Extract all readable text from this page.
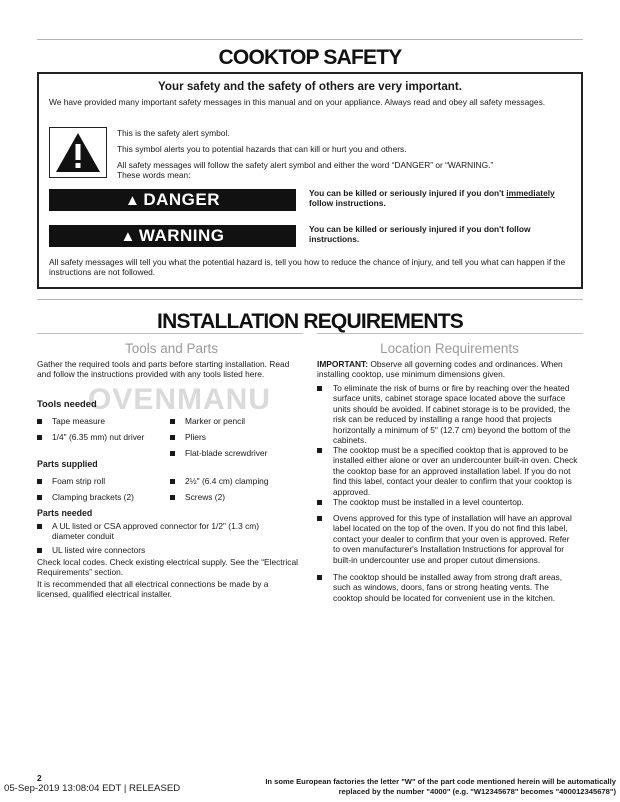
COOKTOP SAFETY
Your safety and the safety of others are very important.
We have provided many important safety messages in this manual and on your appliance. Always read and obey all safety messages.
This is the safety alert symbol.
This symbol alerts you to potential hazards that can kill or hurt you and others.
All safety messages will follow the safety alert symbol and either the word “DANGER” or “WARNING.”
These words mean:
▲ DANGER	You can be killed or seriously injured if you don't immediately
follow instructions.
▲ WARNING	You can be killed or seriously injured if you don't follow instructions.
All safety messages will tell you what the potential hazard is, tell you how to reduce the chance of injury, and tell you what can happen if the instructions are not followed.
INSTALLATION REQUIREMENTS
Tools and Parts
Gather the required tools and parts before starting installation. Read and follow the instructions provided with any tools listed here.
OVENMANU
Tools needed
Tape measure
1/4" (6.35 mm) nut driver
Marker or pencil
Pliers
Flat-blade screwdriver
Parts supplied
Foam strip roll
Clamping brackets (2)
2½" (6.4 cm) clamping
Screws (2)
Parts needed
A UL listed or CSA approved connector for 1/2" (1.3 cm) diameter conduit
UL listed wire connectors
Check local codes. Check existing electrical supply. See the “Electrical Requirements” section.
It is recommended that all electrical connections be made by a licensed, qualified electrical installer.
Location Requirements
IMPORTANT: Observe all governing codes and ordinances. When installing cooktop, use minimum dimensions given.
To eliminate the risk of burns or fire by reaching over the heated surface units, cabinet storage space located above the surface units should be avoided. If cabinet storage is to be provided, the risk can be reduced by installing a range hood that projects horizontally a minimum of 5" (12.7 cm) beyond the bottom of the cabinets.
The cooktop must be a specified cooktop that is approved to be installed either alone or over an undercounter built-in oven. Check the cooktop base for an approved installation label. If you do not find this label, contact your dealer to confirm that your cooktop is approved.
The cooktop must be installed in a level countertop.
Ovens approved for this type of installation will have an approval label located on the top of the oven. If you do not find this label, contact your dealer to confirm that your oven is approved. Refer to oven manufacturer's Installation Instructions for approval for built-in undercounter use and proper cutout dimensions.
The cooktop should be installed away from strong draft areas, such as windows, doors, fans or strong heating vents. The cooktop should be located for convenient use in the kitchen.
2
05-Sep-2019 13:08:04 EDT | RELEASED
In some European factories the letter "W" of the part code mentioned herein will be automatically replaced by the number "4000" (e.g. "W12345678" becomes "400012345678")
